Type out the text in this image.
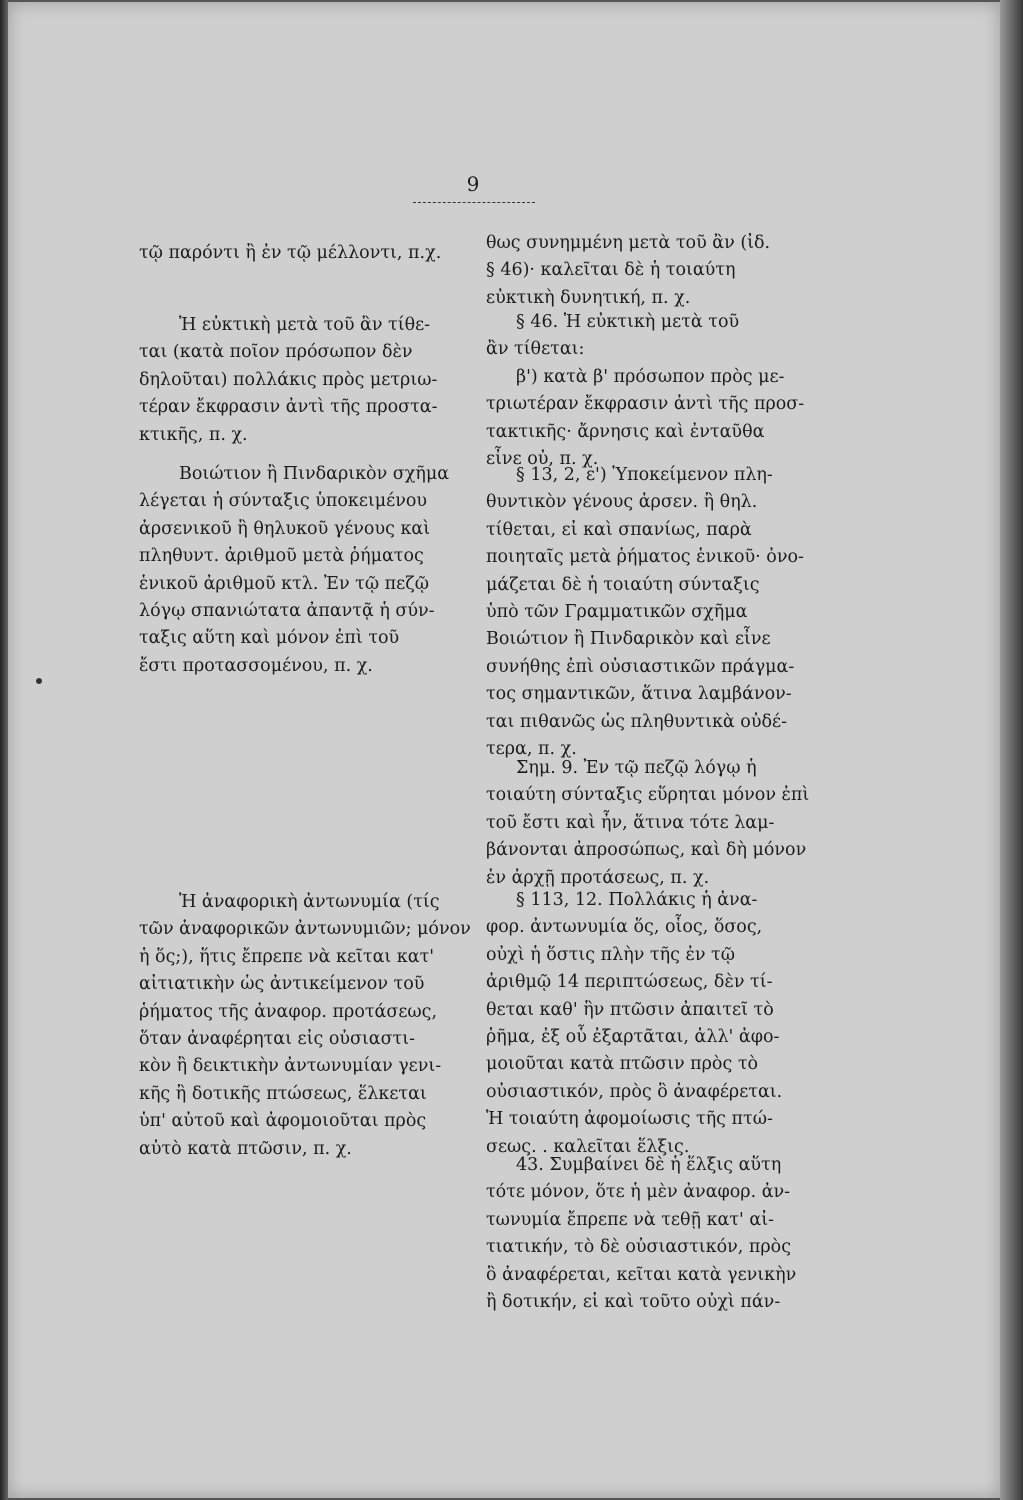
9

τῷ παρόντι ἢ ἐν τῷ μέλλοντι, π.χ.

Ἡ εὐκτικὴ μετὰ τοῦ ἂν τίθε-

ται (κατὰ ποῖον πρόσωπον δὲν

δηλοῦται) πολλάκις πρὸς μετριω-

τέραν ἔκφρασιν ἀντὶ τῆς προστα-

κτικῆς, π. χ.

Βοιώτιον ἢ Πινδαρικὸν σχῆμα

λέγεται ἡ σύνταξις ὑποκειμένου

ἀρσενικοῦ ἢ θηλυκοῦ γένους καὶ

πληθυντ. ἀριθμοῦ μετὰ ῥήματος

ἑνικοῦ ἀριθμοῦ κτλ. Ἐν τῷ πεζῷ

λόγῳ σπανιώτατα ἀπαντᾷ ἡ σύν-

ταξις αὕτη καὶ μόνον ἐπὶ τοῦ

ἔστι προτασσομένου, π. χ.

Ἡ ἀναφορικὴ ἀντωνυμία (τίς

τῶν ἀναφορικῶν ἀντωνυμιῶν; μόνον

ἡ ὅς;), ἥτις ἔπρεπε νὰ κεῖται κατ'

αἰτιατικὴν ὡς ἀντικείμενον τοῦ

ῥήματος τῆς ἀναφορ. προτάσεως,

ὅταν ἀναφέρηται εἰς οὐσιαστι-

κὸν ἢ δεικτικὴν ἀντωνυμίαν γενι-

κῆς ἢ δοτικῆς πτώσεως, ἕλκεται

ὑπ' αὐτοῦ καὶ ἀφομοιοῦται πρὸς

αὐτὸ κατὰ πτῶσιν, π. χ.

θως συνημμένη μετὰ τοῦ ἂν (ἰδ.

§ 46)· καλεῖται δὲ ἡ τοιαύτη

εὐκτικὴ δυνητική, π. χ.

§ 46. Ἡ εὐκτικὴ μετὰ τοῦ

ἂν τίθεται:

β') κατὰ β' πρόσωπον πρὸς με-

τριωτέραν ἔκφρασιν ἀντὶ τῆς προσ-

τακτικῆς· ἄρνησις καὶ ἐνταῦθα

εἶνε οὐ, π. χ.

§ 13, 2, ε') Ὑποκείμενον πλη-

θυντικὸν γένους ἀρσεν. ἢ θηλ.

τίθεται, εἰ καὶ σπανίως, παρὰ

ποιηταῖς μετὰ ῥήματος ἑνικοῦ· ὀνο-

μάζεται δὲ ἡ τοιαύτη σύνταξις

ὑπὸ τῶν Γραμματικῶν σχῆμα

Βοιώτιον ἢ Πινδαρικὸν καὶ εἶνε

συνήθης ἐπὶ οὐσιαστικῶν πράγμα-

τος σημαντικῶν, ἅτινα λαμβάνον-

ται πιθανῶς ὡς πληθυντικὰ οὐδέ-

τερα, π. χ.

Σημ. 9. Ἐν τῷ πεζῷ λόγῳ ἡ

τοιαύτη σύνταξις εὕρηται μόνον ἐπὶ

τοῦ ἔστι καὶ ἦν, ἅτινα τότε λαμ-

βάνονται ἀπροσώπως, καὶ δὴ μόνον

ἐν ἀρχῇ προτάσεως, π. χ.

§ 113, 12. Πολλάκις ἡ ἀνα-

φορ. ἀντωνυμία ὅς, οἷος, ὅσος,

οὐχὶ ἡ ὅστις πλὴν τῆς ἐν τῷ

ἀριθμῷ 14 περιπτώσεως, δὲν τί-

θεται καθ' ἣν πτῶσιν ἀπαιτεῖ τὸ

ῥῆμα, ἐξ οὗ ἐξαρτᾶται, ἀλλ' ἀφο-

μοιοῦται κατὰ πτῶσιν πρὸς τὸ

οὐσιαστικόν, πρὸς ὃ ἀναφέρεται.

Ἡ τοιαύτη ἀφομοίωσις τῆς πτώ-

σεως. . καλεῖται ἕλξις.

43. Συμβαίνει δὲ ἡ ἕλξις αὕτη

τότε μόνον, ὅτε ἡ μὲν ἀναφορ. ἀν-

τωνυμία ἔπρεπε νὰ τεθῇ κατ' αἰ-

τιατικήν, τὸ δὲ οὐσιαστικόν, πρὸς

ὃ ἀναφέρεται, κεῖται κατὰ γενικὴν

ἢ δοτικήν, εἰ καὶ τοῦτο οὐχὶ πάν-
